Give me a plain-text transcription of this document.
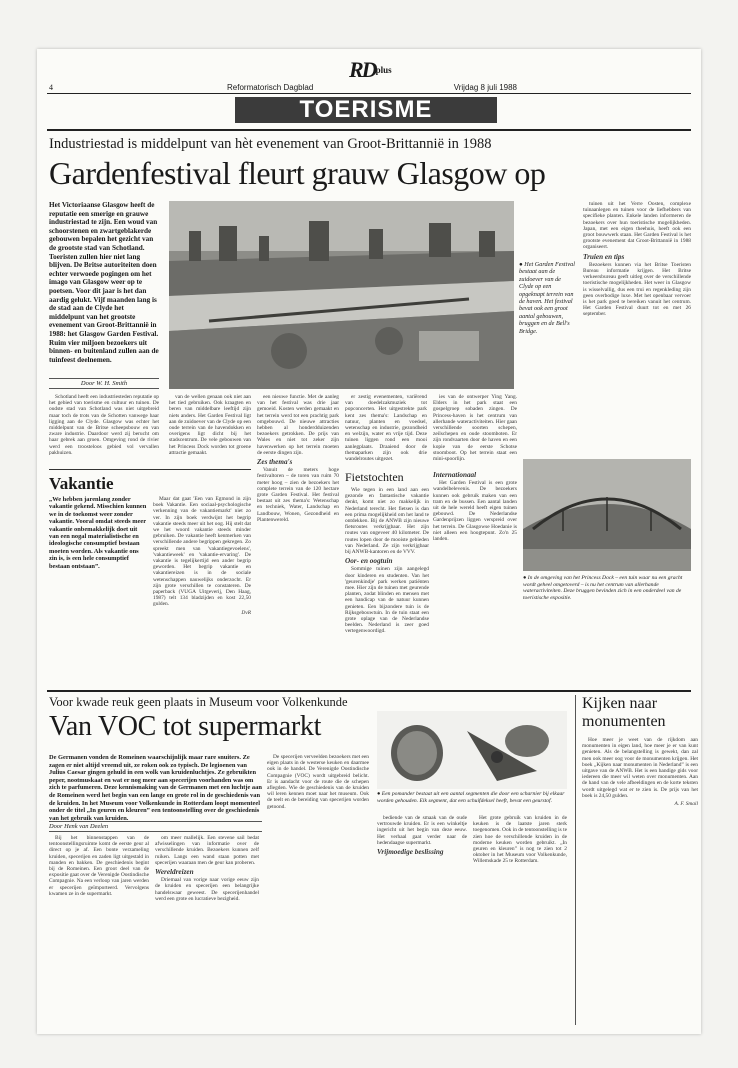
4
$RD^{plus}$
Reformatorisch Dagblad	Vrijdag 8 juli 1988
TOERISME
Industriestad is middelpunt van hèt evenement van Groot-Brittannië in 1988
Gardenfestival fleurt grauw Glasgow op
Het Victoriaanse Glasgow heeft de reputatie een smerige en grauwe industriestad te zijn. Een woud van schoorstenen en zwartgeblakerde gebouwen bepalen het gezicht van de grootste stad van Schotland. Toeristen zullen hier niet lang blijven. De Britse autoriteiten doen echter verwoede pogingen om het imago van Glasgow weer op te poetsen. Voor dit jaar is het dan aardig gelukt. Vijf maanden lang is de stad aan de Clyde het middelpunt van het grootste evenement van Groot-Brittannië in 1988: het Glasgow Garden Festival. Ruim vier miljoen bezoekers uit binnen- en buitenland zullen aan de tuinfeest deelnemen.
Door W. H. Smith

Schotland heeft een industriesteden reputatie op het gebied van toerisme en cultuur en tuinen. De oudste stad van Schotland was niet uitgebreid maar toch de trots van de Schotten vanwege haar ligging aan de Clyde. Glasgow was echter het middelpunt van de Britse scheepsbouw en van zware industrie. Daardoor werd zij berucht om haar gebrek aan groen. Omgeving rond de rivier werd een troosteloos gebied vol vervallen pakhuizen.

● Het Garden Festival bestaat aan de zuidoever van de Clyde op een opgeknapt terrein van de haven. Het festival bevat ook een groot aantal gebouwen, bruggen en de Bell's Bridge.

van de wellen genaan ook niet aan het tied gebruiken. Ook kraagten en beren van middelbare leeftijd zijn niets anders. Het Garden Festival ligt aan de zuidoever van de Clyde op een oude terrein van de havendokken en overigens ligt dicht bij het stadscentrum. De vele gebouwen van het Princess Dock worden tot groene attractie gemaakt.

een nieuwe functie. Met de aanleg van het festival was drie jaar gemoeid. Kosten werden gemaakt en het terrein werd tot een prachtig park omgebouwd. De nieuwe attracties hebben al honderdduizenden bezoekers getrokken. De prijs van Wales en niet tot zeker zijn havenwerken op het terrein moeten de eerste dingen zijn.

Zes thema's

Vanuit de meters hoge festivaltoren – de toren van ruim 70 meter hoog – zien de bezoekers het complete terrein van de 120 hectare grote Garden Festival. Het festival bestaat uit zes thema's: Wetenschap en techniek, Water, Landschap en Landbouw, Wonen, Gezondheid en Plantenwereld.

er zestig evenementen, variërend van doedelzakmuziek tot popconcerten. Het uitgestrekte park kent zes thema's: Landschap en natuur, planten en voedsel, wetenschap en industrie, gezondheid en welzijn, water en vrije tijd. Deze tuinen liggen rond een mooi aanlegplaats. Draaiend door de themaparken zijn ook drie wandelroutes uitgezet.

ies van de ontwerper Ying Yang. Elders in het park staat een gospelgroep sobaden zingen. De Princess-haven is het centrum van allerhande wateractiviteiten. Hier gaan verschillende soorten schepen, zeilschepen en oude stoomboten. Er zijn rondvaarten door de haven en een kopie van de eerste Schotse stoomboot. Op het terrein staat een mini-spoorlijn.

Internationaal

Het Garden Festival is een grote wandelbelevenis. De bezoekers kunnen ook gebruik maken van een tram en de bussen. Een aantal landen uit de hele wereld heeft eigen tuinen gebouwd. De Nederlandse Gardenprijzen liggen verspreid over het terrein. De Glasgowse Hoedanie is niet alleen een hoogtepunt. Zo'n 25 landen.

tuinen uit het Verre Oosten, complexe tuinaanlegen en tuinen voor de liefhebbers van specifieke planten. Enkele landen informeren de bezoekers over hun toeristische mogelijkheden. Japan, met een eigen theehuis, heeft ook een groot bouwwerk staan. Het Garden Festival is het grootste evenement dat Groot-Brittannië in 1988 organiseert.

Truien en tips

Bezoekers kunnen via het Britse Toeristen Bureau informatie krijgen. Het Britse verkeersbureau geeft uitleg over de verschillende toeristische mogelijkheden. Het weer in Glasgow is wisselvallig, dus een trui en regenkleding zijn geen overbodige luxe. Met het openbaar vervoer is het park goed te bereiken vanuit het centrum. Het Garden Festival duurt tot en met 26 september.

Vakantie
„We hebben jarenlang zonder vakantie gekend. Misschien kunnen we in de toekomst weer zonder vakantie. Vooral omdat steeds meer vakantie onbemakkelijk doet uit van een nogal materialistische en ideologische consumptief bestaan moeten worden. Als vakantie ons zin is, is een hele consumptief bestaan ontstaan”.

Maar dat gaat 'Een van Egmond in zijn boek Vakantie. Een sociaal-psychologische verkenning van de vakantiemarkt' niet zo ver. In zijn boek verdwijnt het begrip vakantie steeds meer uit het oog. Hij stelt dat we het woord vakantie steeds minder gebruiken. De vakantie heeft kenmerken van verschillende andere begrippen gekregen. Zo spreekt men van 'vakantiegevoelens', 'vakantieweek' en 'vakantie-ervaring'. De vakantie is tegelijkertijd een ander begrip geworden. Het begrip vakantie en vakantiereizen is in de sociale wetenschappen nauwelijks onderzocht. Er zijn grote verschillen te constateren. De paperback (VUGA Uitgeverij, Den Haag, 1987) telt 134 bladzijden en kost 22,50 gulden.

DvR

Fietstochten

Wie tegen in een land aan een gezonde en fantastische vakantie denkt, komt niet zo makkelijk in Nederland terecht. Het fietsen is dan een prima mogelijkheid om het land te ontdekken. Bij de ANWB zijn nieuwe fietsroutes verkrijgbaar. Het zijn routes van ongeveer 40 kilometer. De routes lopen door de mooiste gebieden van Nederland. Ze zijn verkrijgbaar bij ANWB-kantoren en de VVV.

Oor- en oogtuin

Sommige tuinen zijn aangelegd door kinderen en studenten. Van het 'geurenkindje' park werken patiënten mee. Hier zijn de tuinen met geurende planten, zodat blinden en mensen met een handicap van de natuur kunnen genieten. Een bijzondere tuin is de Rijksgebouwtuin. In de tuin staat een grote oplage van de Nederlandse beelden. Nederland is zeer goed vertegenwoordigd.

● In de omgeving van het Princess Dock – een tuin waar nu een gracht wordt geheel omgetoverd – is nu het centrum van allerhande wateractiviteiten. Deze bruggen bevinden zich in een onderdeel van de toeristische expositie.
Voor kwade reuk geen plaats in Museum voor Volkenkunde
Van VOC tot supermarkt
De Germanen vonden de Romeinen waarschijnlijk maar rare snuiters. Ze zagen er niet altijd vreemd uit, ze roken ook zo typisch. De legioenen van Julius Caesar gingen gehuld in een wolk van kruidenluchtjes. Ze gebruikten peper, nootmuskaat en wat er nog meer aan specerijen voorhanden was om zich te parfumeren. Deze kennismaking van de Germanen met een luchtje aan de Romeinen werd het begin van een lange en grote rol in de geschiedenis van de kruiden. In het Museum voor Volkenkunde in Rotterdam loopt momenteel onder de titel „In geuren en kleuren” een tentoonstelling over de geschiedenis van het gebruik van kruiden.
Door Henk van Deelen

Bij het binnenstappen van de tentoonstellingsruimte komt de eerste geur al direct op je af. Een bonte verzameling kruiden, specerijen en zaden ligt uitgestald in manden en bakken. De geschiedenis begint bij de Romeinen. Een groot deel van de expositie gaat over de Verenigde Oostindische Compagnie. Na een verloop van jaren werden er specerijen geïmporteerd. Vervolgens kwamen ze in de supermarkt.

om meer mallelijk. Een stevene sail bedat afwisselingen van informatie over de verschillende kruiden. Bezoekers kunnen zelf ruiken. Langs een wand staan potten met specerijen waaraan men de geur kan proberen.

Wereldreizen

Driemaal van vorige naar vorige eeuw zijn de kruiden en specerijen een belangrijke handelswaar geweest. De specerijenhandel werd een grote en lucratieve bezigheid.

De specerijen verveelden bezoekers met een eigen plaats in de westerse keuken en daarmee ook in de handel. De Verenigde Oostindische Compagnie (VOC) wordt uitgebreid belicht. Er is aandacht voor de route die de schepen aflegden. Wie de geschiedenis van de kruiden wil leren kennen moet naar het museum. Ook de teelt en de bereiding van specerijen worden getoond.

● Een pomander bestaat uit een aantal segmenten die door een scharnier bij elkaar worden gehouden. Elk segment, dat een schuifdeksel heeft, bevat een geurstof.

bediende van de smaak van de oude vertrouwde kruiden. Er is een winkeltje ingericht uit het begin van deze eeuw. Het verhaal gaat verder naar de hedendaagse supermarkt.

Vrijmoedige beslissing

Het grote gebruik van kruiden in de keuken is de laatste jaren sterk toegenomen. Ook in de tentoonstelling is te zien hoe de verschillende kruiden in de moderne keuken worden gebruikt. „In geuren en kleuren” is nog te zien tot 2 oktober in het Museum voor Volkenkunde, Willemskade 25 te Rotterdam.

Kijken naar monumenten

Hoe meer je weet van de rijkdom aan monumenten in eigen land, hoe meer je er van kunt genieten. Als de belangstelling is gewekt, dan zal men ook meer oog voor de monumenten krijgen. Het boek „Kijken naar monumenten in Nederland” is een uitgave van de ANWB. Het is een handige gids voor iedereen die meer wil weten over monumenten. Aan de hand van de vele afbeeldingen en de korte teksten wordt uitgelegd wat er te zien is. De prijs van het boek is 24,50 gulden.

A. F. Smail
